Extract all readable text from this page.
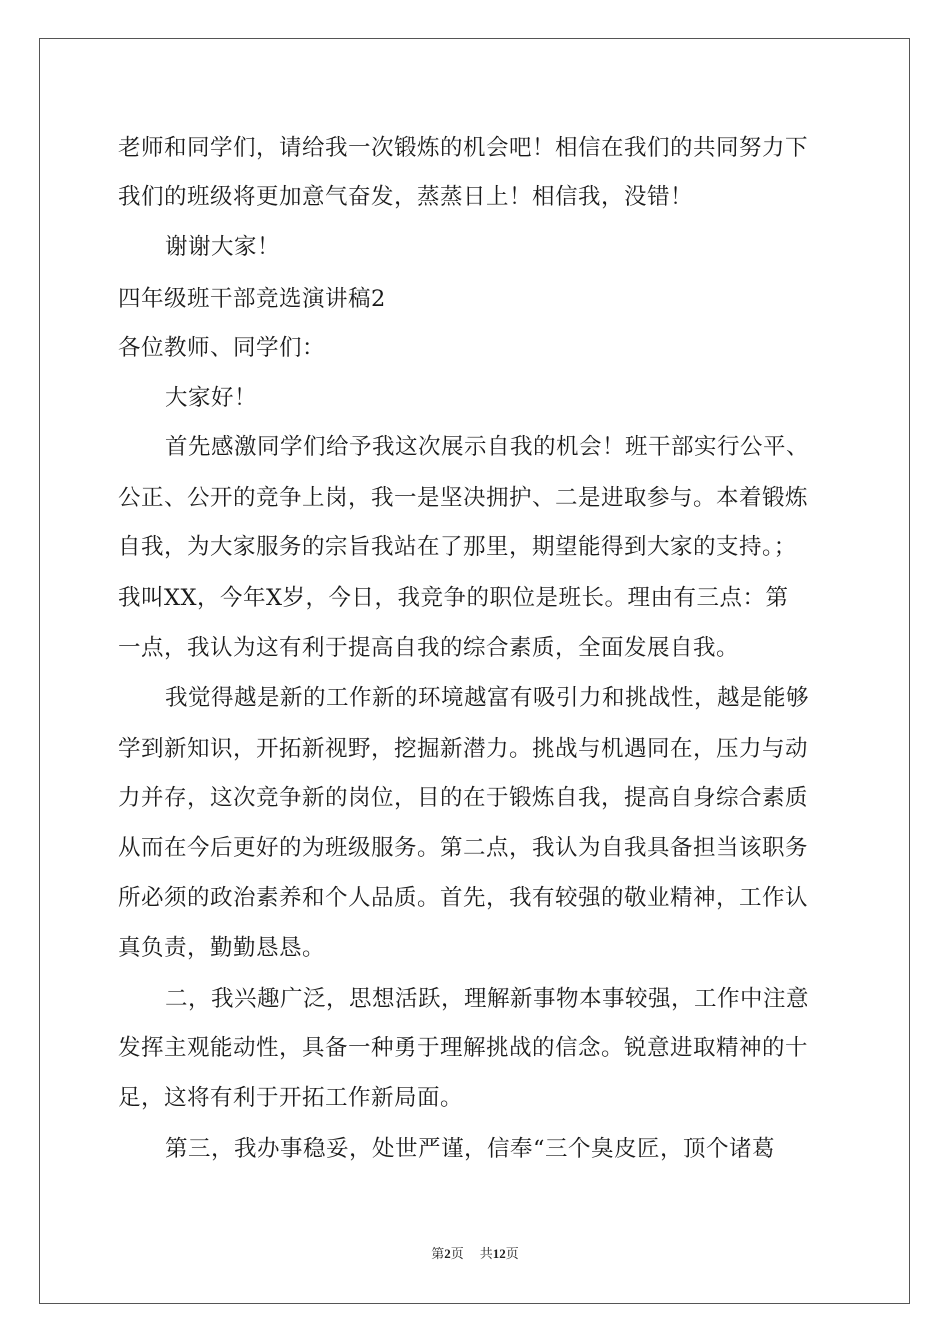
老师和同学们，请给我一次锻炼的机会吧！相信在我们的共同努力下
我们的班级将更加意气奋发，蒸蒸日上！相信我，没错！
谢谢大家！
四年级班干部竞选演讲稿2
各位教师、同学们：
大家好！
首先感激同学们给予我这次展示自我的机会！班干部实行公平、
公正、公开的竞争上岗，我一是坚决拥护、二是进取参与。本着锻炼
自我，为大家服务的宗旨我站在了那里，期望能得到大家的支持。；
我叫XX，今年X岁，今日，我竞争的职位是班长。理由有三点：第
一点，我认为这有利于提高自我的综合素质，全面发展自我。
我觉得越是新的工作新的环境越富有吸引力和挑战性，越是能够
学到新知识，开拓新视野，挖掘新潜力。挑战与机遇同在，压力与动
力并存，这次竞争新的岗位，目的在于锻炼自我，提高自身综合素质
从而在今后更好的为班级服务。第二点，我认为自我具备担当该职务
所必须的政治素养和个人品质。首先，我有较强的敬业精神，工作认
真负责，勤勤恳恳。
二，我兴趣广泛，思想活跃，理解新事物本事较强，工作中注意
发挥主观能动性，具备一种勇于理解挑战的信念。锐意进取精神的十
足，这将有利于开拓工作新局面。
第三，我办事稳妥，处世严谨，信奉“三个臭皮匠，顶个诸葛
第2页 共12页
